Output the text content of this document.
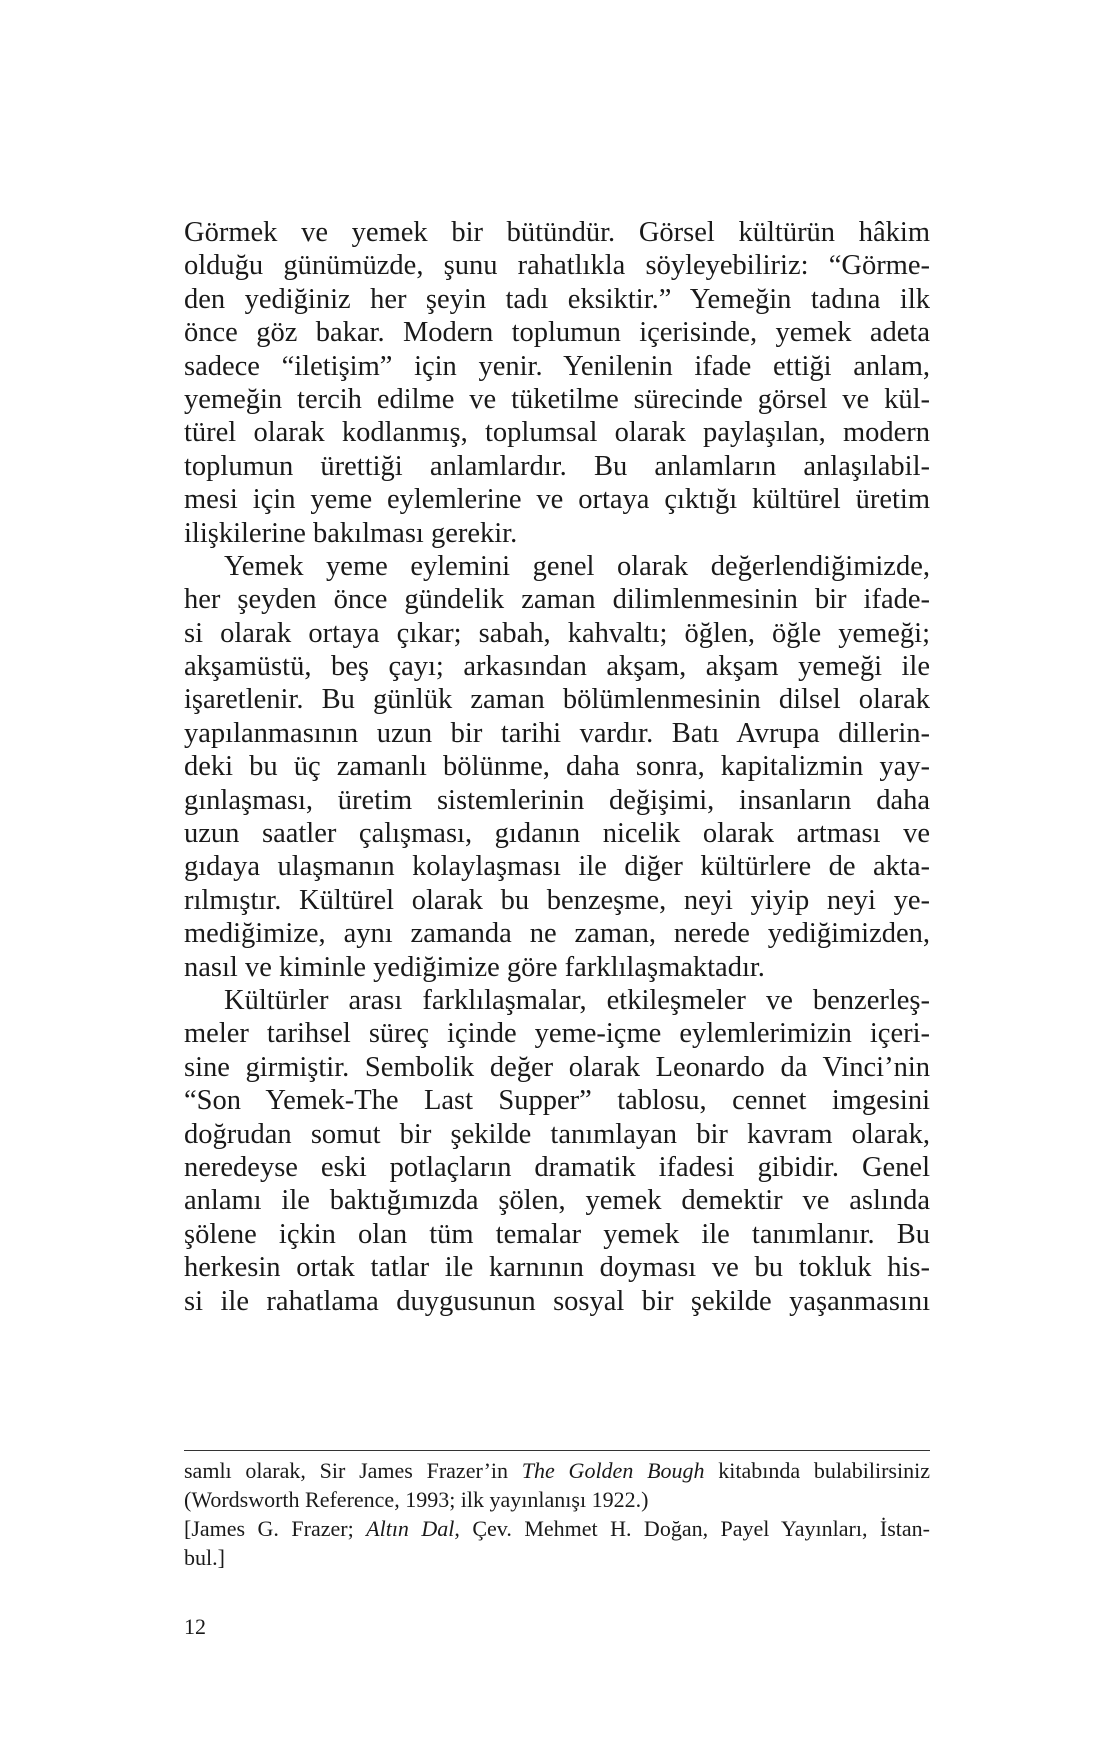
Görmek ve yemek bir bütündür. Görsel kültürün hâkim
olduğu günümüzde, şunu rahatlıkla söyleyebiliriz: “Görme-
den yediğiniz her şeyin tadı eksiktir.” Yemeğin tadına ilk
önce göz bakar. Modern toplumun içerisinde, yemek adeta
sadece “iletişim” için yenir. Yenilenin ifade ettiği anlam,
yemeğin tercih edilme ve tüketilme sürecinde görsel ve kül-
türel olarak kodlanmış, toplumsal olarak paylaşılan, modern
toplumun ürettiği anlamlardır. Bu anlamların anlaşılabil-
mesi için yeme eylemlerine ve ortaya çıktığı kültürel üretim
ilişkilerine bakılması gerekir.
Yemek yeme eylemini genel olarak değerlendiğimizde,
her şeyden önce gündelik zaman dilimlenmesinin bir ifade-
si olarak ortaya çıkar; sabah, kahvaltı; öğlen, öğle yemeği;
akşamüstü, beş çayı; arkasından akşam, akşam yemeği ile
işaretlenir. Bu günlük zaman bölümlenmesinin dilsel olarak
yapılanmasının uzun bir tarihi vardır. Batı Avrupa dillerin-
deki bu üç zamanlı bölünme, daha sonra, kapitalizmin yay-
gınlaşması, üretim sistemlerinin değişimi, insanların daha
uzun saatler çalışması, gıdanın nicelik olarak artması ve
gıdaya ulaşmanın kolaylaşması ile diğer kültürlere de akta-
rılmıştır. Kültürel olarak bu benzeşme, neyi yiyip neyi ye-
mediğimize, aynı zamanda ne zaman, nerede yediğimizden,
nasıl ve kiminle yediğimize göre farklılaşmaktadır.
Kültürler arası farklılaşmalar, etkileşmeler ve benzerleş-
meler tarihsel süreç içinde yeme-içme eylemlerimizin içeri-
sine girmiştir. Sembolik değer olarak Leonardo da Vinci’nin
“Son Yemek-The Last Supper” tablosu, cennet imgesini
doğrudan somut bir şekilde tanımlayan bir kavram olarak,
neredeyse eski potlaçların dramatik ifadesi gibidir. Genel
anlamı ile baktığımızda şölen, yemek demektir ve aslında
şölene içkin olan tüm temalar yemek ile tanımlanır. Bu
herkesin ortak tatlar ile karnının doyması ve bu tokluk his-
si ile rahatlama duygusunun sosyal bir şekilde yaşanmasını
samlı olarak, Sir James Frazer’in The Golden Bough kitabında bulabilirsiniz
(Wordsworth Reference, 1993; ilk yayınlanışı 1922.)
[James G. Frazer; Altın Dal, Çev. Mehmet H. Doğan, Payel Yayınları, İstan-
bul.]
12
